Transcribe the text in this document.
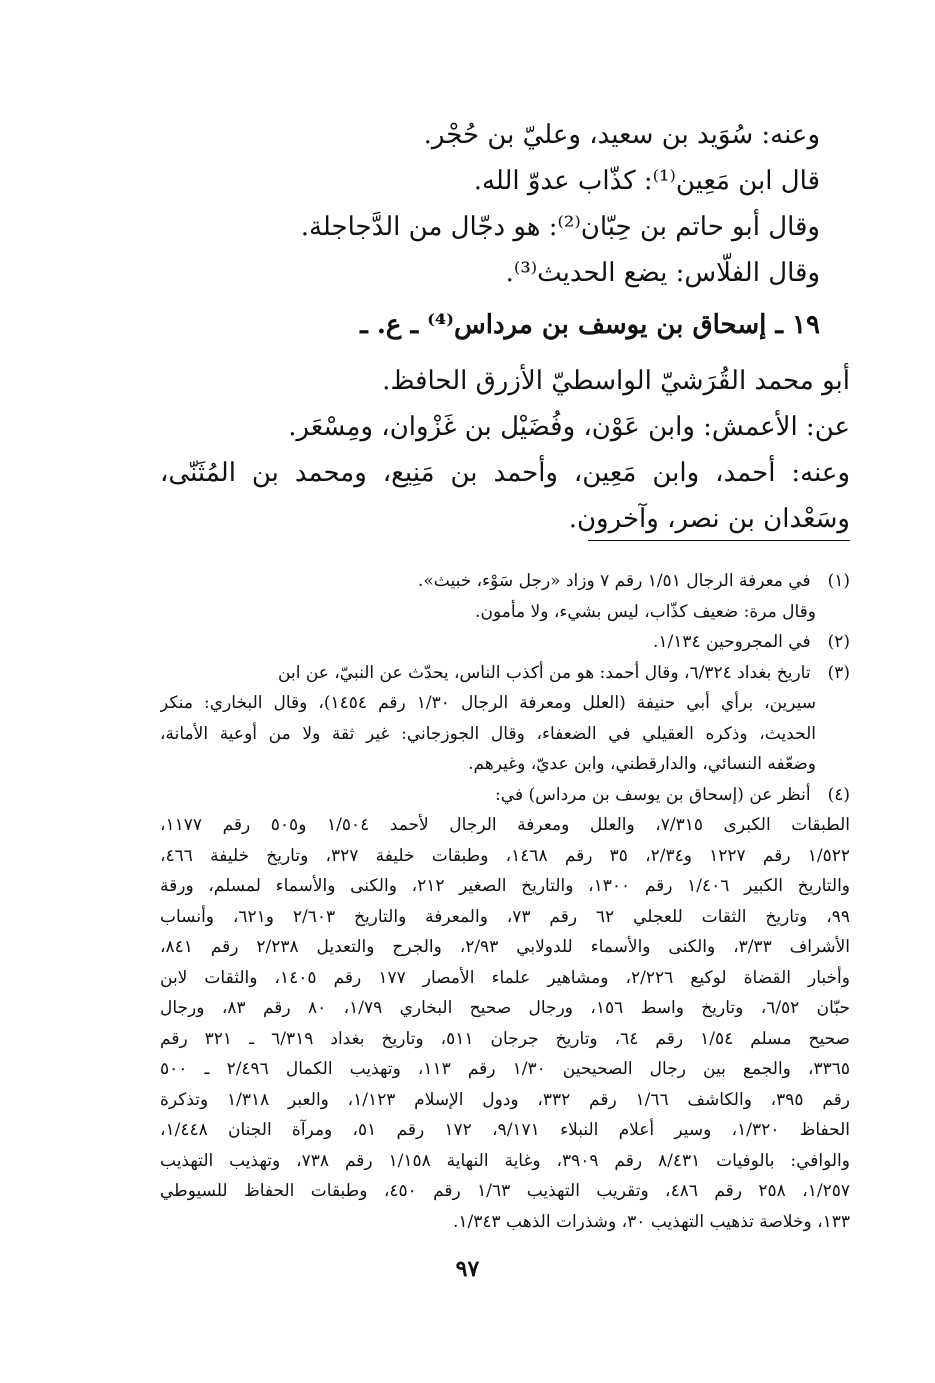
وعنه: سُوَيد بن سعيد، وعليّ بن حُجْر.
قال ابن مَعِين⁽¹⁾: كذّاب عدوّ الله.
وقال أبو حاتم بن حِبّان⁽²⁾: هو دجّال من الدَّجاجلة.
وقال الفلّاس: يضع الحديث⁽³⁾.
١٩ ـ إسحاق بن يوسف بن مرداس⁽⁴⁾ ـ ع. ـ
أبو محمد القُرَشيّ الواسطيّ الأزرق الحافظ.
عن: الأعمش: وابن عَوْن، وفُضَيْل بن غَزْوان، ومِسْعَر.
وعنه: أحمد، وابن مَعِين، وأحمد بن مَنِيع، ومحمد بن المُثَنّى،
وسَعْدان بن نصر، وآخرون.
(١) في معرفة الرجال ١/٥١ رقم ٧ وزاد «رجل سَوْء، خبيث».
وقال مرة: ضعيف كذّاب، ليس بشيء، ولا مأمون.
(٢) في المجروحين ١/١٣٤.
(٣) تاريخ بغداد ٦/٣٢٤، وقال أحمد: هو من أكذب الناس، يحدّث عن النبيّ، عن ابن
سيرين، برأي أبي حنيفة (العلل ومعرفة الرجال ١/٣٠ رقم ١٤٥٤)، وقال البخاري: منكر
الحديث، وذكره العقيلي في الضعفاء، وقال الجوزجاني: غير ثقة ولا من أوعية الأمانة،
وضعّفه النسائي، والدارقطني، وابن عديّ، وغيرهم.
(٤) أنظر عن (إسحاق بن يوسف بن مرداس) في:
الطبقات الكبرى ٧/٣١٥، والعلل ومعرفة الرجال لأحمد ١/٥٠٤ و٥٠٥ رقم ١١٧٧،
١/٥٢٢ رقم ١٢٢٧ و٢/٣٤، ٣٥ رقم ١٤٦٨، وطبقات خليفة ٣٢٧، وتاريخ خليفة ٤٦٦،
والتاريخ الكبير ١/٤٠٦ رقم ١٣٠٠، والتاريخ الصغير ٢١٢، والكنى والأسماء لمسلم، ورقة
٩٩، وتاريخ الثقات للعجلي ٦٢ رقم ٧٣، والمعرفة والتاريخ ٢/٦٠٣ و٦٢١، وأنساب
الأشراف ٣/٣٣، والكنى والأسماء للدولابي ٢/٩٣، والجرح والتعديل ٢/٢٣٨ رقم ٨٤١،
وأخبار القضاة لوكيع ٢/٢٢٦، ومشاهير علماء الأمصار ١٧٧ رقم ١٤٠٥، والثقات لابن
حبّان ٦/٥٢، وتاريخ واسط ١٥٦، ورجال صحيح البخاري ١/٧٩، ٨٠ رقم ٨٣، ورجال
صحيح مسلم ١/٥٤ رقم ٦٤، وتاريخ جرجان ٥١١، وتاريخ بغداد ٦/٣١٩ ـ ٣٢١ رقم
٣٣٦٥، والجمع بين رجال الصحيحين ١/٣٠ رقم ١١٣، وتهذيب الكمال ٢/٤٩٦ ـ ٥٠٠
رقم ٣٩٥، والكاشف ١/٦٦ رقم ٣٣٢، ودول الإسلام ١/١٢٣، والعبر ١/٣١٨ وتذكرة
الحفاظ ١/٣٢٠، وسير أعلام النبلاء ٩/١٧١، ١٧٢ رقم ٥١، ومرآة الجنان ١/٤٤٨،
والوافي: بالوفيات ٨/٤٣١ رقم ٣٩٠٩، وغاية النهاية ١/١٥٨ رقم ٧٣٨، وتهذيب التهذيب
١/٢٥٧، ٢٥٨ رقم ٤٨٦، وتقريب التهذيب ١/٦٣ رقم ٤٥٠، وطبقات الحفاظ للسيوطي
١٣٣، وخلاصة تذهيب التهذيب ٣٠، وشذرات الذهب ١/٣٤٣.
٩٧
